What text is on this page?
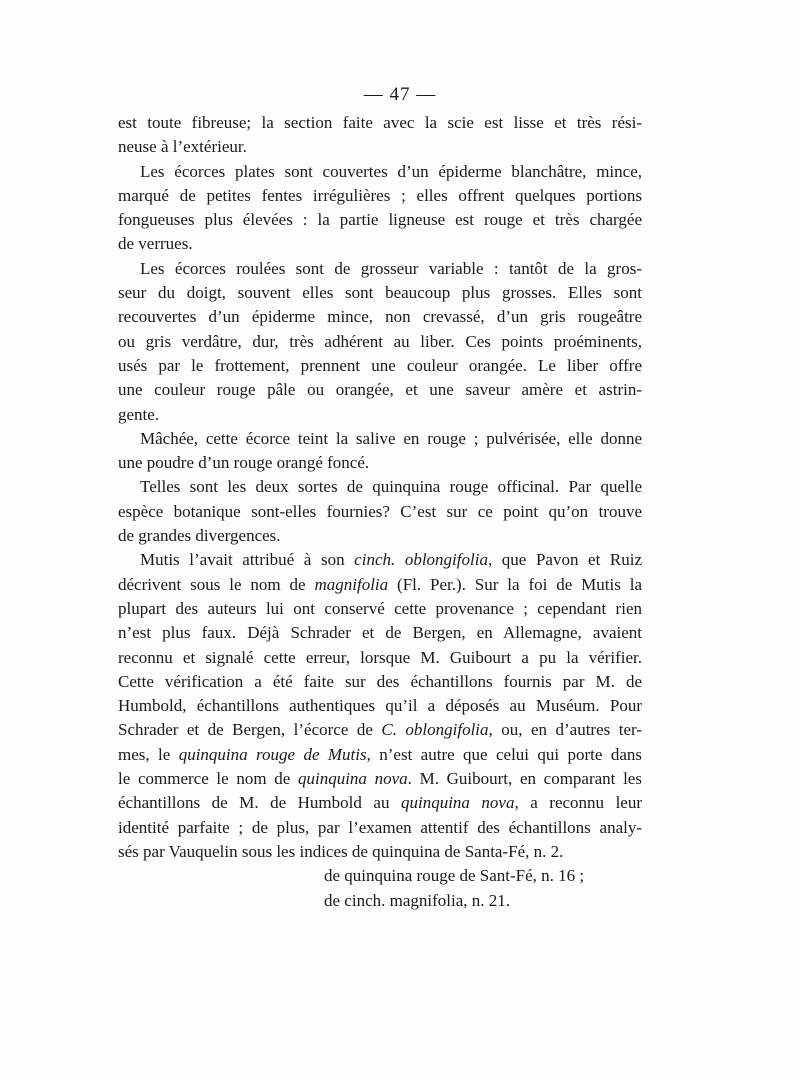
— 47 —
est toute fibreuse; la section faite avec la scie est lisse et très rési-
neuse à l’extérieur.
Les écorces plates sont couvertes d’un épiderme blanchâtre, mince,
marqué de petites fentes irrégulières ; elles offrent quelques portions
fongueuses plus élevées : la partie ligneuse est rouge et très chargée
de verrues.
Les écorces roulées sont de grosseur variable : tantôt de la gros-
seur du doigt, souvent elles sont beaucoup plus grosses. Elles sont
recouvertes d’un épiderme mince, non crevassé, d’un gris rougeâtre
ou gris verdâtre, dur, très adhérent au liber. Ces points proéminents,
usés par le frottement, prennent une couleur orangée. Le liber offre
une couleur rouge pâle ou orangée, et une saveur amère et astrin-
gente.
Mâchée, cette écorce teint la salive en rouge ; pulvérisée, elle donne
une poudre d’un rouge orangé foncé.
Telles sont les deux sortes de quinquina rouge officinal. Par quelle
espèce botanique sont-elles fournies? C’est sur ce point qu’on trouve
de grandes divergences.
Mutis l’avait attribué à son cinch. oblongifolia, que Pavon et Ruiz
décrivent sous le nom de magnifolia (Fl. Per.). Sur la foi de Mutis la
plupart des auteurs lui ont conservé cette provenance ; cependant rien
n’est plus faux. Déjà Schrader et de Bergen, en Allemagne, avaient
reconnu et signalé cette erreur, lorsque M. Guibourt a pu la vérifier.
Cette vérification a été faite sur des échantillons fournis par M. de
Humbold, échantillons authentiques qu’il a déposés au Muséum. Pour
Schrader et de Bergen, l’écorce de C. oblongifolia, ou, en d’autres ter-
mes, le quinquina rouge de Mutis, n’est autre que celui qui porte dans
le commerce le nom de quinquina nova. M. Guibourt, en comparant les
échantillons de M. de Humbold au quinquina nova, a reconnu leur
identité parfaite ; de plus, par l’examen attentif des échantillons analy-
sés par Vauquelin sous les indices de quinquina de Santa-Fé, n. 2.
de quinquina rouge de Sant-Fé, n. 16 ;
de cinch. magnifolia, n. 21.
